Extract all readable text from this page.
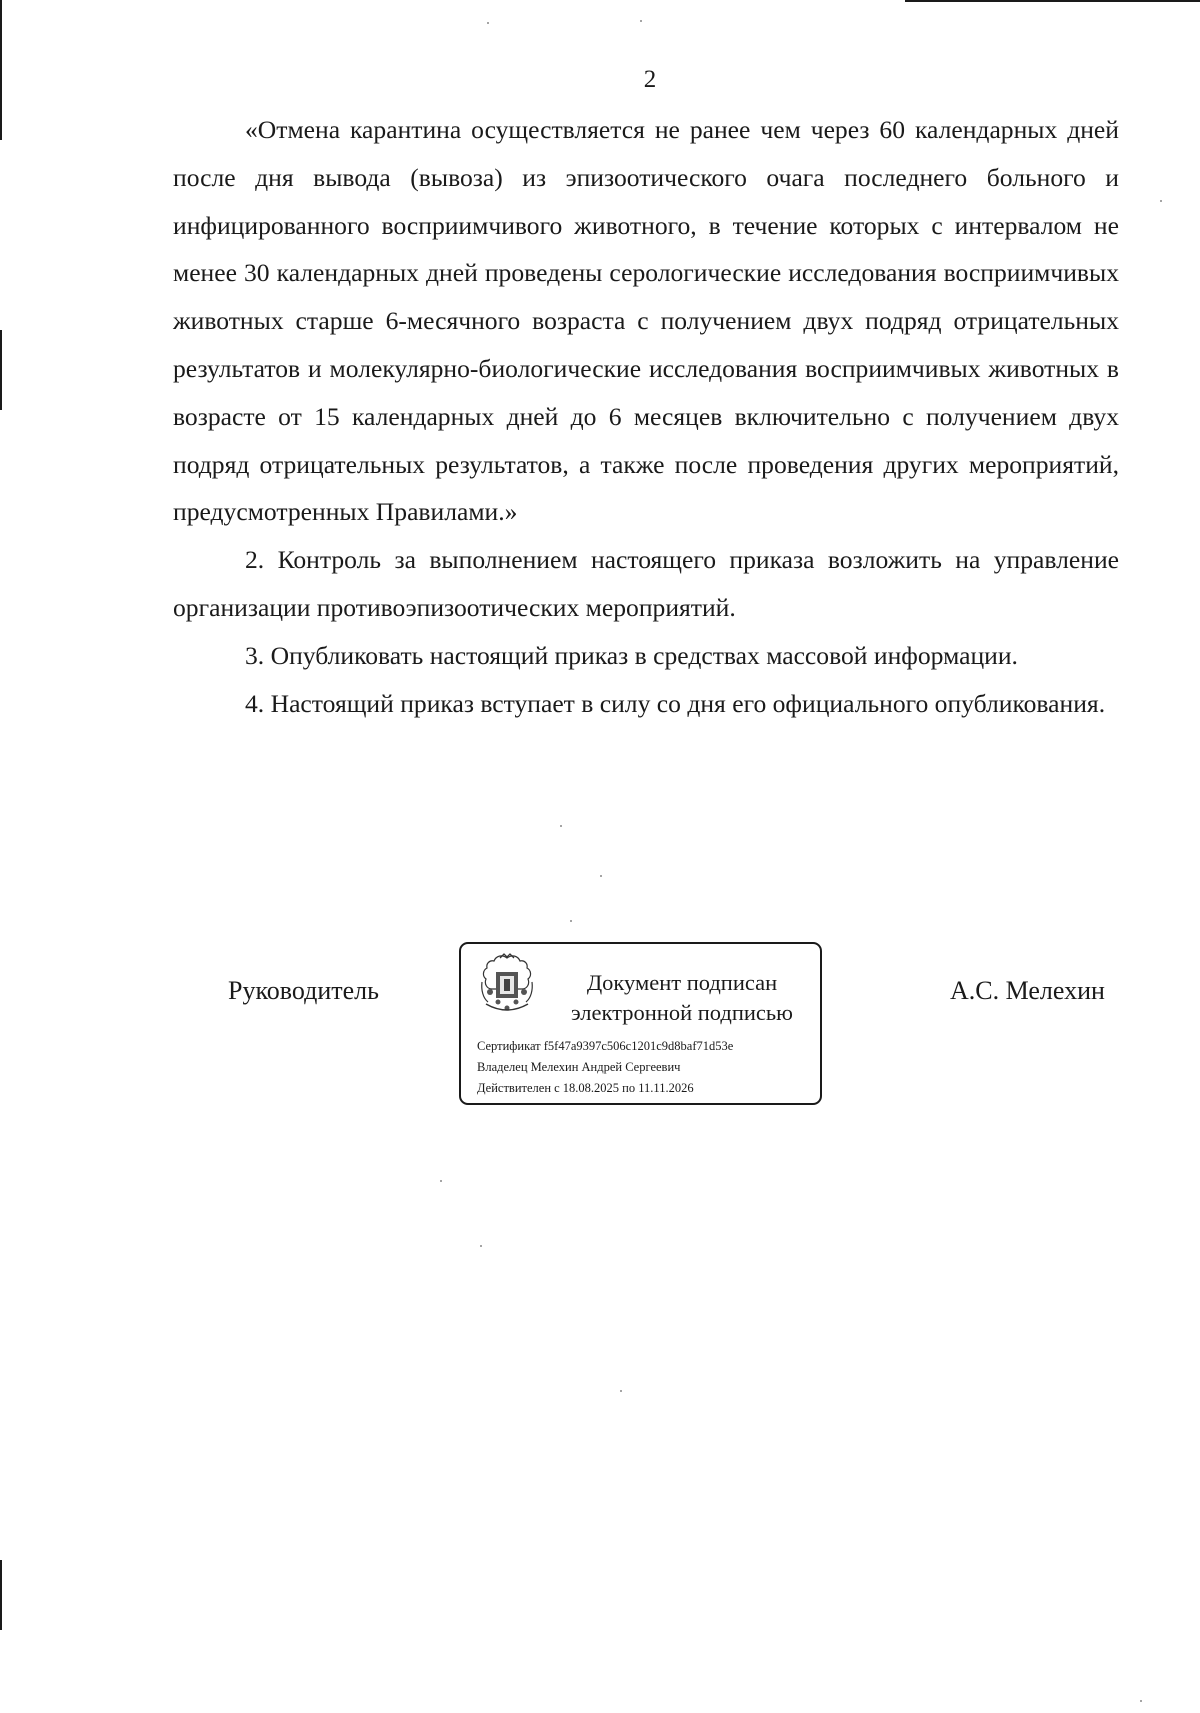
2

«Отмена карантина осуществляется не ранее чем через 60 календарных дней после дня вывода (вывоза) из эпизоотического очага последнего больного и инфицированного восприимчивого животного, в течение которых с интервалом не менее 30 календарных дней проведены серологические исследования восприимчивых животных старше 6-месячного возраста с получением двух подряд отрицательных результатов и молекулярно-биологические исследования восприимчивых животных в возрасте от 15 календарных дней до 6 месяцев включительно с получением двух подряд отрицательных результатов, а также после проведения других мероприятий, предусмотренных Правилами.»

2. Контроль за выполнением настоящего приказа возложить на управление организации противоэпизоотических мероприятий.

3. Опубликовать настоящий приказ в средствах массовой информации.

4. Настоящий приказ вступает в силу со дня его официального опубликования.

Руководитель	Документ подписан
электронной подписью
Сертификат f5f47a9397c506c1201c9d8baf71d53e
Владелец Мелехин Андрей Сергеевич
Действителен с 18.08.2025 по 11.11.2026
А.С. Мелехин
